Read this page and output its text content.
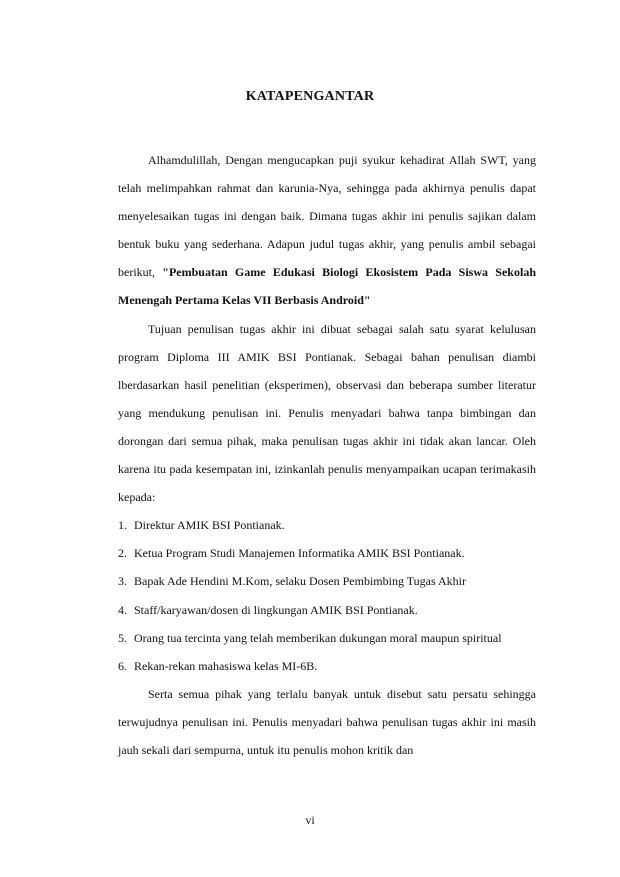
KATAPENGANTAR

Alhamdulillah, Dengan mengucapkan puji syukur kehadirat Allah SWT, yang telah melimpahkan rahmat dan karunia-Nya, sehingga pada akhirnya penulis dapat menyelesaikan tugas ini dengan baik. Dimana tugas akhir ini penulis sajikan dalam bentuk buku yang sederhana. Adapun judul tugas akhir, yang penulis ambil sebagai berikut, "Pembuatan Game Edukasi Biologi Ekosistem Pada Siswa Sekolah Menengah Pertama Kelas VII Berbasis Android"

Tujuan penulisan tugas akhir ini dibuat sebagai salah satu syarat kelulusan program Diploma III AMIK BSI Pontianak. Sebagai bahan penulisan diambi lberdasarkan hasil penelitian (eksperimen), observasi dan beberapa sumber literatur yang mendukung penulisan ini. Penulis menyadari bahwa tanpa bimbingan dan dorongan dari semua pihak, maka penulisan tugas akhir ini tidak akan lancar. Oleh karena itu pada kesempatan ini, izinkanlah penulis menyampaikan ucapan terimakasih kepada:

1. Direktur AMIK BSI Pontianak.
2. Ketua Program Studi Manajemen Informatika AMIK BSI Pontianak.
3. Bapak Ade Hendini M.Kom, selaku Dosen Pembimbing Tugas Akhir
4. Staff/karyawan/dosen di lingkungan AMIK BSI Pontianak.
5. Orang tua tercinta yang telah memberikan dukungan moral maupun spiritual
6. Rekan-rekan mahasiswa kelas MI-6B.

Serta semua pihak yang terlalu banyak untuk disebut satu persatu sehingga terwujudnya penulisan ini. Penulis menyadari bahwa penulisan tugas akhir ini masih jauh sekali dari sempurna, untuk itu penulis mohon kritik dan

vi
